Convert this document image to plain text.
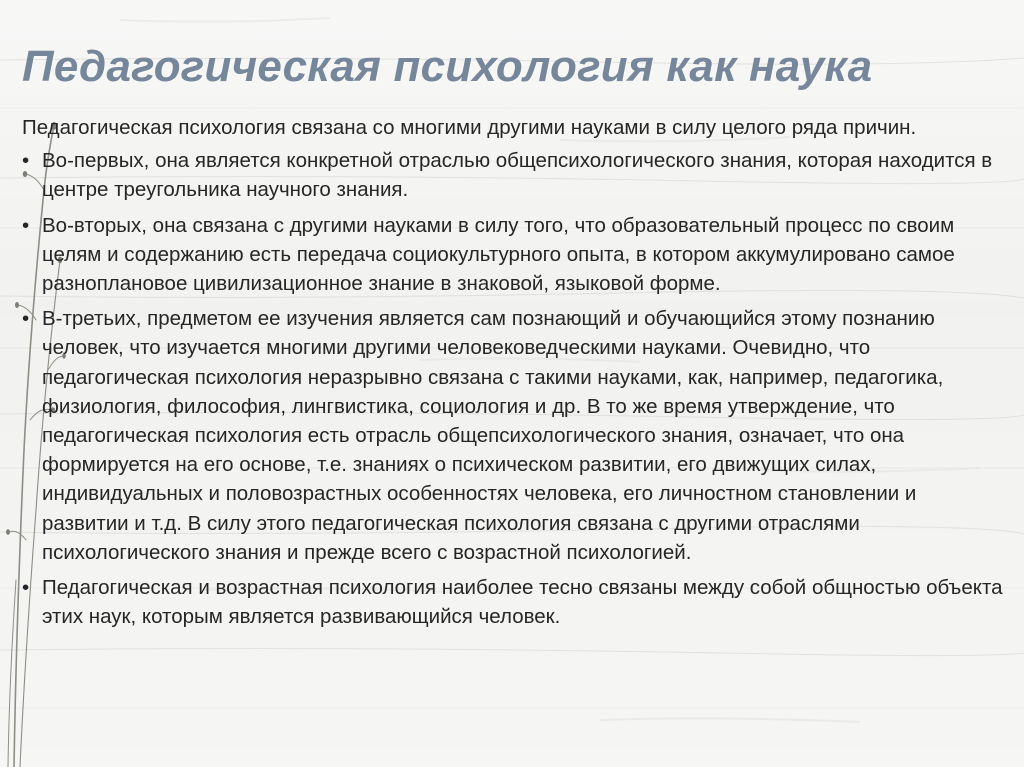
Педагогическая психология как наука

Педагогическая психология связана со многими другими науками в силу целого ряда причин.

• Во-первых, она является конкретной отраслью общепсихологического знания, которая находится в центре треугольника научного знания.
• Во-вторых, она связана с другими науками в силу того, что образовательный процесс по своим целям и содержанию есть передача социокультурного опыта, в котором аккумулировано самое разноплановое цивилизационное знание в знаковой, языковой форме.
• В-третьих, предметом ее изучения является сам познающий и обучающийся этому познанию человек, что изучается многими другими человековедческими науками. Очевидно, что педагогическая психология неразрывно связана с такими науками, как, например, педагогика, физиология, философия, лингвистика, социология и др. В то же время утверждение, что педагогическая психология есть отрасль общепсихологического знания, означает, что она формируется на его основе, т.е. знаниях о психическом развитии, его движущих силах, индивидуальных и половозрастных особенностях человека, его личностном становлении и развитии и т.д. В силу этого педагогическая психология связана с другими отраслями психологического знания и прежде всего с возрастной психологией.
• Педагогическая и возрастная психология наиболее тесно связаны между собой общностью объекта этих наук, которым является развивающийся человек.
